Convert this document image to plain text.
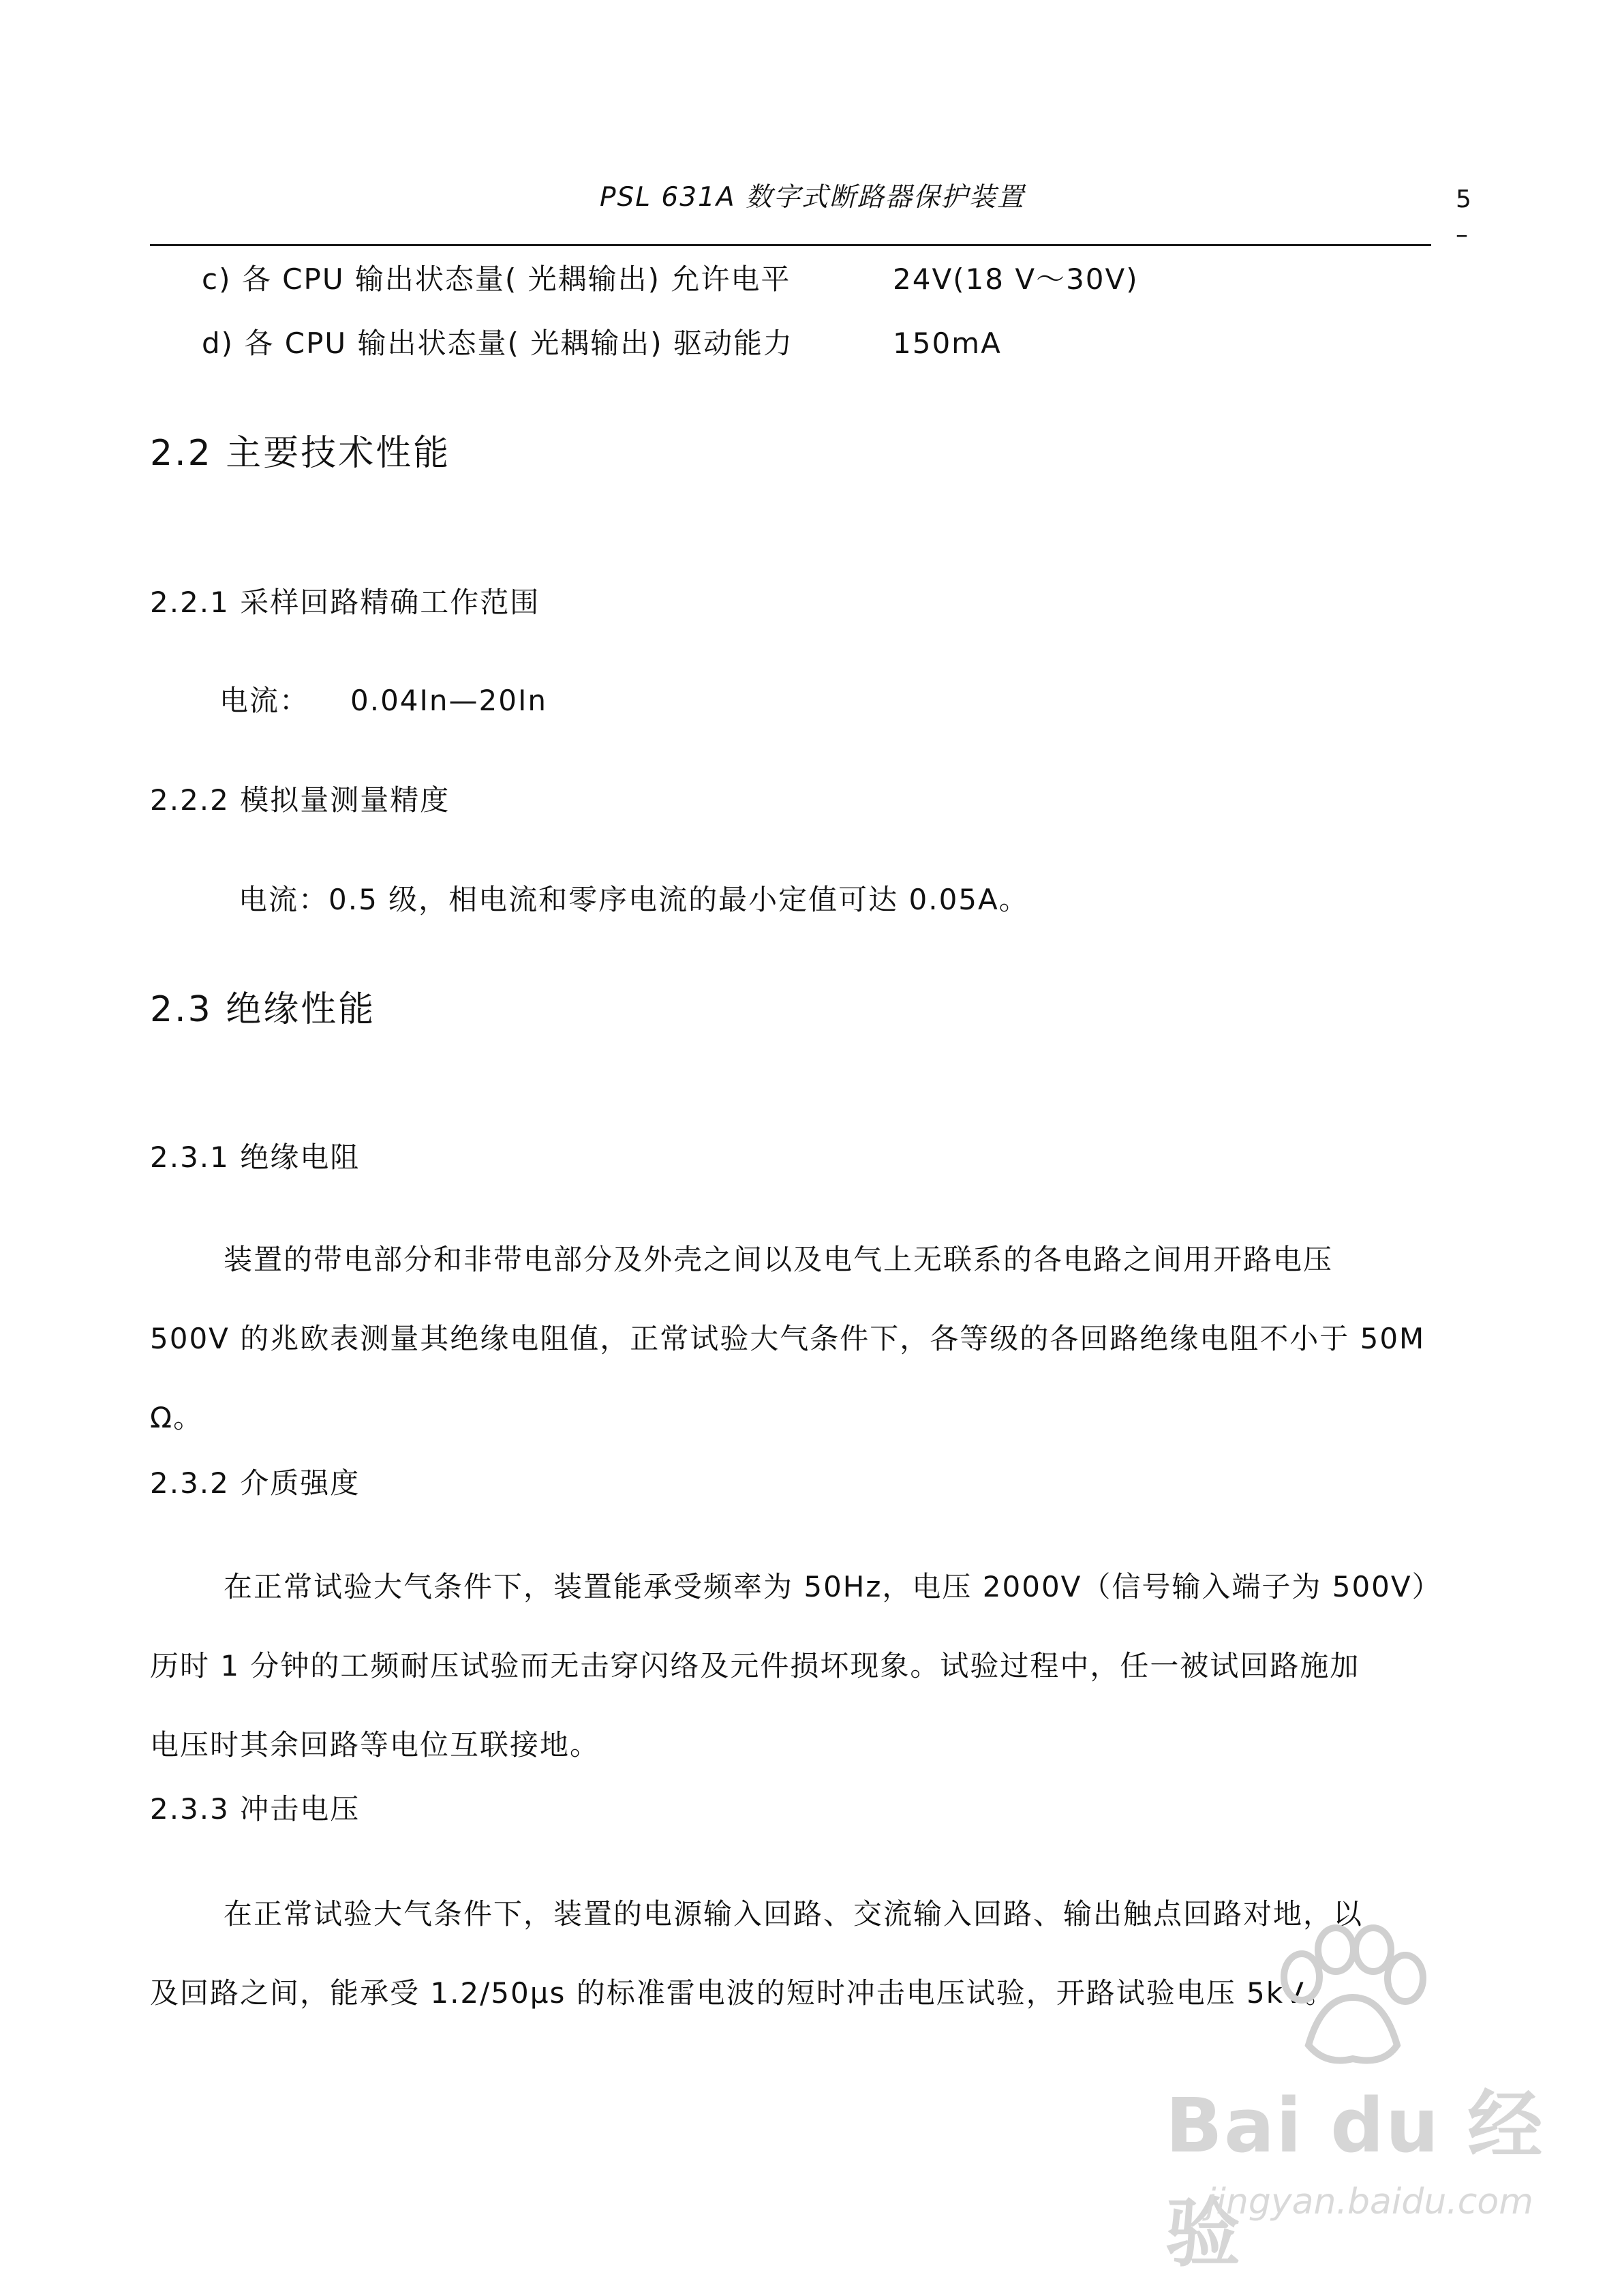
PSL 631A 数字式断路器保护装置	5
–
c) 各 CPU 输出状态量( 光耦输出) 允许电平	24V(18 V～30V)
d) 各 CPU 输出状态量( 光耦输出) 驱动能力	150mA
2.2 主要技术性能
2.2.1 采样回路精确工作范围
电流： 0.04In—20In
2.2.2 模拟量测量精度
电流：0.5 级，相电流和零序电流的最小定值可达 0.05A。
2.3 绝缘性能
2.3.1 绝缘电阻

装置的带电部分和非带电部分及外壳之间以及电气上无联系的各电路之间用开路电压

500V 的兆欧表测量其绝缘电阻值，正常试验大气条件下，各等级的各回路绝缘电阻不小于 50M

Ω。

2.3.2 介质强度

在正常试验大气条件下，装置能承受频率为 50Hz，电压 2000V（信号输入端子为 500V）

历时 1 分钟的工频耐压试验而无击穿闪络及元件损坏现象。试验过程中，任一被试回路施加

电压时其余回路等电位互联接地。

2.3.3 冲击电压

在正常试验大气条件下，装置的电源输入回路、交流输入回路、输出触点回路对地，以

及回路之间，能承受 1.2/50μs 的标准雷电波的短时冲击电压试验，开路试验电压 5kV。

Bai du 经验
jingyan.baidu.com
